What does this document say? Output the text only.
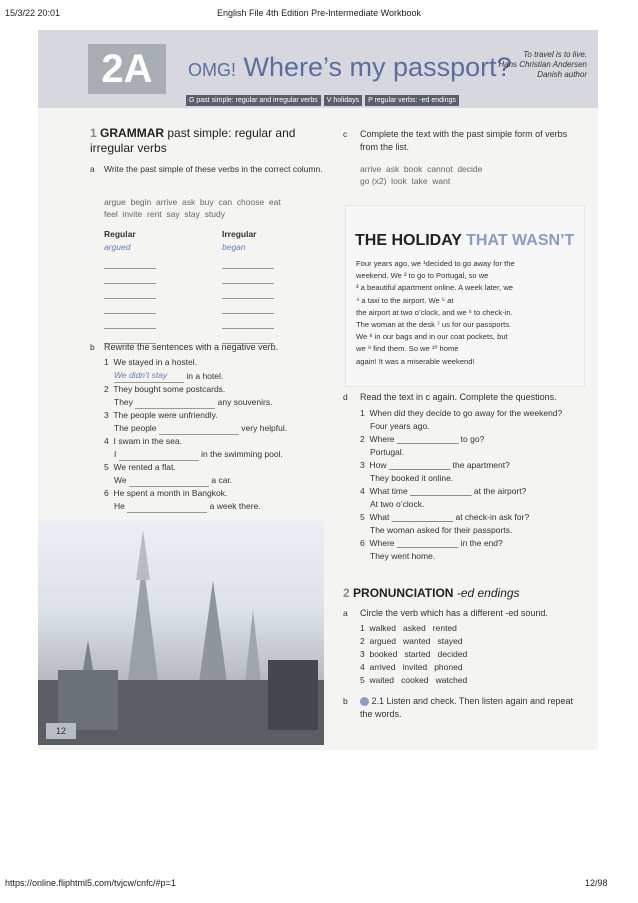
15/3/22 20:01	English File 4th Edition Pre-Intermediate Workbook
2A	OMG! Where’s my passport?	To travel is to live.
Hans Christian Andersen
Danish author
G past simple: regular and irregular verbs V holidays P regular verbs: -ed endings
1 GRAMMAR past simple: regular and irregular verbs
a Write the past simple of these verbs in the correct column.
argue  begin  arrive  ask  buy  can  choose  eat
feel  invite  rent  say  stay  study
Regular	Irregular
argued	began
b Rewrite the sentences with a negative verb.
1 We stayed in a hostel.
We didn’t stay in a hotel.
2 They bought some postcards.
They	any souvenirs.
3 The people were unfriendly.
The people	very helpful.
4 I swam in the sea.
I	in the swimming pool.
5 We rented a flat.
We	a car.
6 He spent a month in Bangkok.
He	a week there.
12
c Complete the text with the past simple form of verbs from the list.
arrive  ask  book  cannot  decide
go (x2)  look  take  want
THE HOLIDAY THAT WASN’T
Four years ago, we ¹decided to go away for the
weekend. We ² to go to Portugal, so we
³ a beautiful apartment online. A week later, we
⁴ a taxi to the airport. We ⁵ at
the airport at two o’clock, and we ⁶ to check-in.
The woman at the desk ⁷ us for our passports.
We ⁸ in our bags and in our coat pockets, but
we ⁹ find them. So we ¹⁰ home
again! It was a miserable weekend!
d Read the text in c again. Complete the questions.
1 When did they decide to go away for the weekend?
Four years ago.
2 Where _____________ to go?
Portugal.
3 How _____________ the apartment?
They booked it online.
4 What time _____________ at the airport?
At two o’clock.
5 What _____________ at check-in ask for?
The woman asked for their passports.
6 Where _____________ in the end?
They went home.
2 PRONUNCIATION -ed endings
a Circle the verb which has a different -ed sound.
1 walked   asked   rented
2 argued   wanted   stayed
3 booked   started   decided
4 arrived   invited   phoned
5 waited   cooked   watched
b	2.1 Listen and check. Then listen again and repeat the words.
https://online.fliphtml5.com/tvjcw/cnfc/#p=1	12/98
